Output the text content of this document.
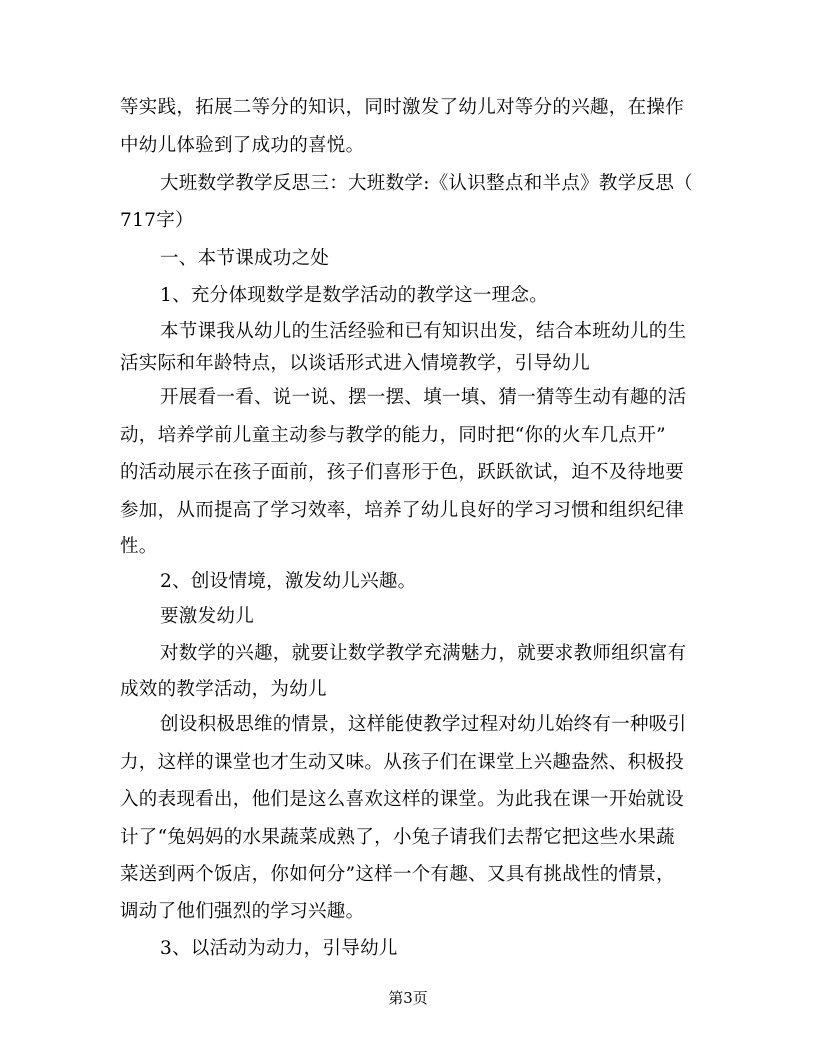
等实践，拓展二等分的知识，同时激发了幼儿对等分的兴趣，在操作
中幼儿体验到了成功的喜悦。
大班数学教学反思三：大班数学:《认识整点和半点》教学反思（
717字）
一、本节课成功之处
1、充分体现数学是数学活动的教学这一理念。
本节课我从幼儿的生活经验和已有知识出发，结合本班幼儿的生
活实际和年龄特点，以谈话形式进入情境教学，引导幼儿
开展看一看、说一说、摆一摆、填一填、猜一猜等生动有趣的活
动，培养学前儿童主动参与教学的能力，同时把“你的火车几点开”
的活动展示在孩子面前，孩子们喜形于色，跃跃欲试，迫不及待地要
参加，从而提高了学习效率，培养了幼儿良好的学习习惯和组织纪律
性。
2、创设情境，激发幼儿兴趣。
要激发幼儿
对数学的兴趣，就要让数学教学充满魅力，就要求教师组织富有
成效的教学活动，为幼儿
创设积极思维的情景，这样能使教学过程对幼儿始终有一种吸引
力，这样的课堂也才生动又味。从孩子们在课堂上兴趣盎然、积极投
入的表现看出，他们是这么喜欢这样的课堂。为此我在课一开始就设
计了“兔妈妈的水果蔬菜成熟了，小兔子请我们去帮它把这些水果蔬
菜送到两个饭店，你如何分”这样一个有趣、又具有挑战性的情景，
调动了他们强烈的学习兴趣。
3、以活动为动力，引导幼儿
第3页
